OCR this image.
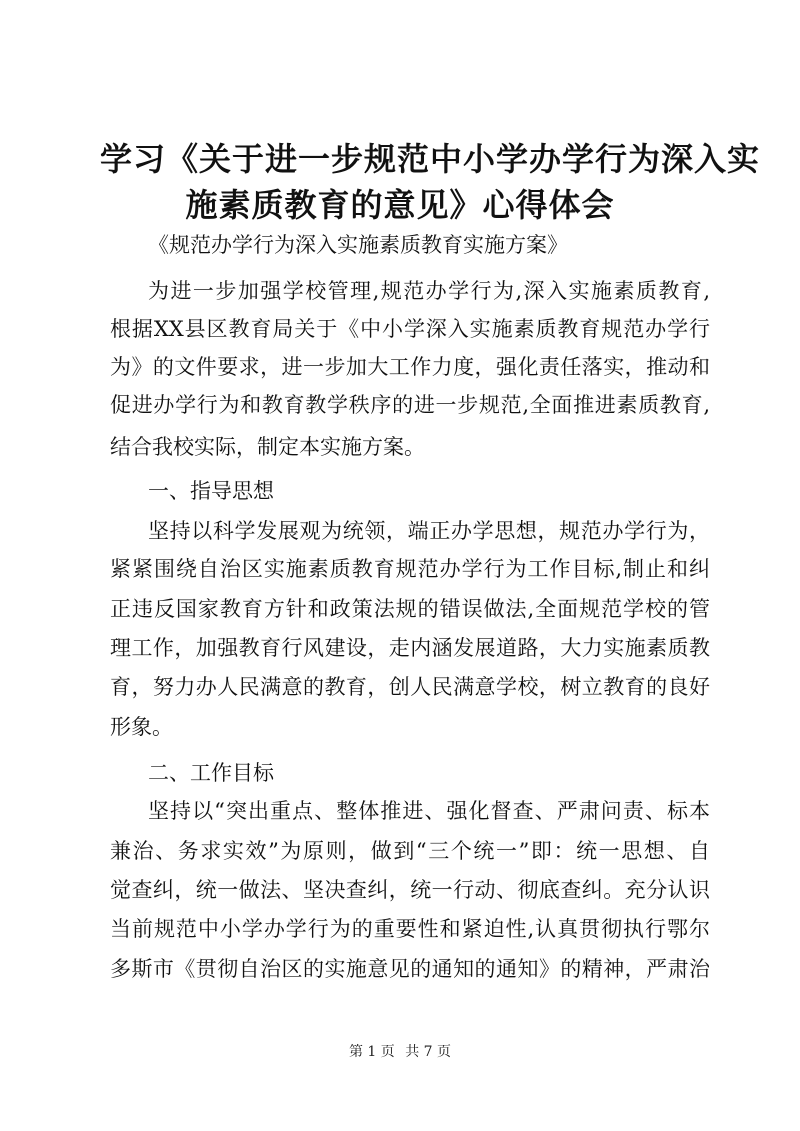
学习《关于进一步规范中小学办学行为深入实
施素质教育的意见》心得体会
《规范办学行为深入实施素质教育实施方案》
为进一步加强学校管理,规范办学行为,深入实施素质教育,
根据XX县区教育局关于《中小学深入实施素质教育规范办学行
为》的文件要求，进一步加大工作力度，强化责任落实，推动和
促进办学行为和教育教学秩序的进一步规范,全面推进素质教育,
结合我校实际，制定本实施方案。
一、指导思想
坚持以科学发展观为统领，端正办学思想，规范办学行为，
紧紧围绕自治区实施素质教育规范办学行为工作目标,制止和纠
正违反国家教育方针和政策法规的错误做法,全面规范学校的管
理工作，加强教育行风建设，走内涵发展道路，大力实施素质教
育，努力办人民满意的教育，创人民满意学校，树立教育的良好
形象。
二、工作目标
坚持以“突出重点、整体推进、强化督查、严肃问责、标本
兼治、务求实效”为原则，做到“三个统一”即：统一思想、自
觉查纠，统一做法、坚决查纠，统一行动、彻底查纠。充分认识
当前规范中小学办学行为的重要性和紧迫性,认真贯彻执行鄂尔
多斯市《贯彻自治区的实施意见的通知的通知》的精神，严肃治
第 1 页 共 7 页
